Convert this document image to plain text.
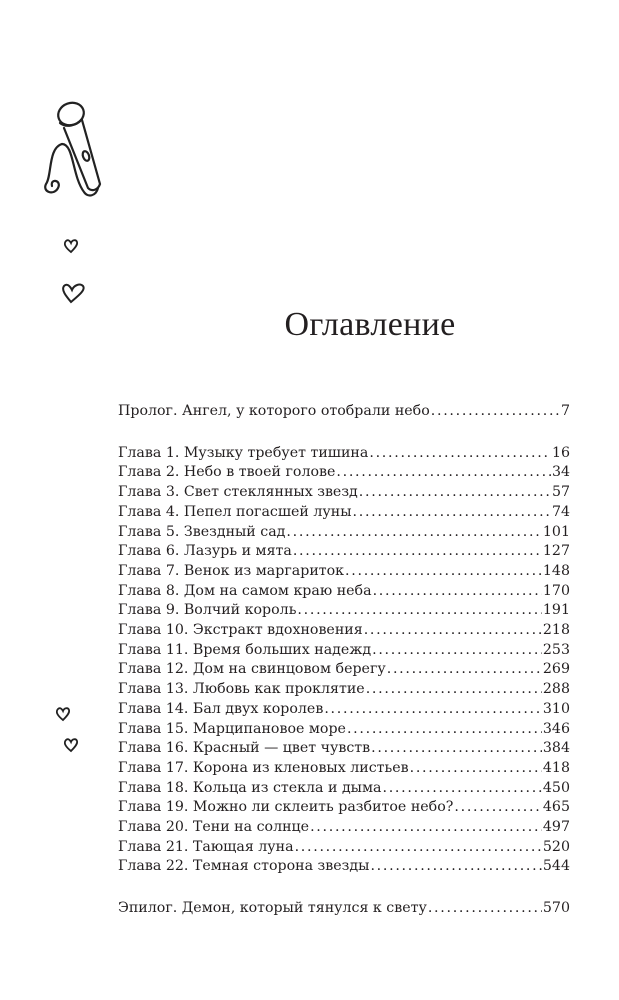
Оглавление
Пролог. Ангел, у которого отобрали небо . . .	7
Глава 1. Музыку требует тишина . . .	16
Глава 2. Небо в твоей голове . . .	34
Глава 3. Свет стеклянных звезд . . .	57
Глава 4. Пепел погасшей луны . . .	74
Глава 5. Звездный сад . . .	101
Глава 6. Лазурь и мята . . .	127
Глава 7. Венок из маргариток . . .	148
Глава 8. Дом на самом краю неба . . .	170
Глава 9. Волчий король . . .	191
Глава 10. Экстракт вдохновения . . .	218
Глава 11. Время больших надежд . . .	253
Глава 12. Дом на свинцовом берегу . . .	269
Глава 13. Любовь как проклятие . . .	288
Глава 14. Бал двух королев . . .	310
Глава 15. Марципановое море . . .	346
Глава 16. Красный — цвет чувств . . .	384
Глава 17. Корона из кленовых листьев . . .	418
Глава 18. Кольца из стекла и дыма . . .	450
Глава 19. Можно ли склеить разбитое небо? . . .	465
Глава 20. Тени на солнце . . .	497
Глава 21. Тающая луна . . .	520
Глава 22. Темная сторона звезды . . .	544
Эпилог. Демон, который тянулся к свету . . .	570
